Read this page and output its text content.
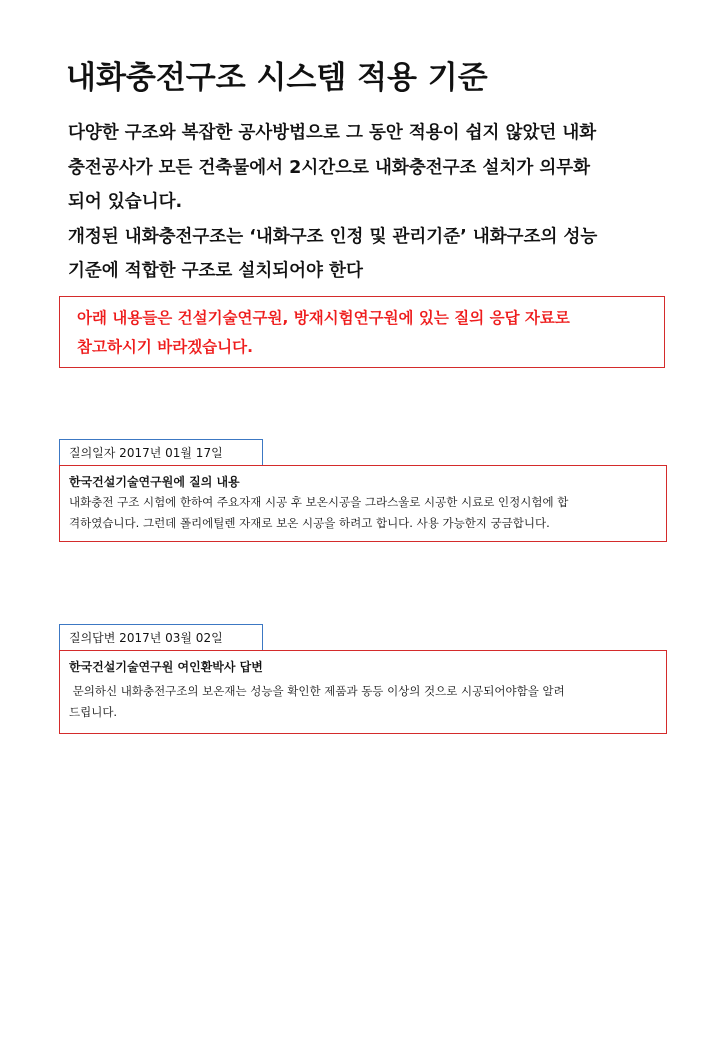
내화충전구조 시스템 적용 기준
다양한 구조와 복잡한 공사방법으로 그 동안 적용이 쉽지 않았던 내화
충전공사가 모든 건축물에서 2시간으로 내화충전구조 설치가 의무화
되어 있습니다.
개정된 내화충전구조는 ‘내화구조 인정 및 관리기준’ 내화구조의 성능
기준에 적합한 구조로 설치되어야 한다
아래 내용들은 건설기술연구원, 방재시험연구원에 있는 질의 응답 자료로
참고하시기 바라겠습니다.
질의일자 2017년 01월 17일
한국건설기술연구원에 질의 내용
내화충전 구조 시험에 한하여 주요자재 시공 후 보온시공을 그라스울로 시공한 시료로 인정시험에 합
격하였습니다. 그런데 폴리에틸렌 자재로 보온 시공을 하려고 합니다. 사용 가능한지 궁금합니다.
질의답변 2017년 03월 02일
한국건설기술연구원 여인환박사 답변
문의하신 내화충전구조의 보온재는 성능을 확인한 제품과 동등 이상의 것으로 시공되어야함을 알려
드립니다.
